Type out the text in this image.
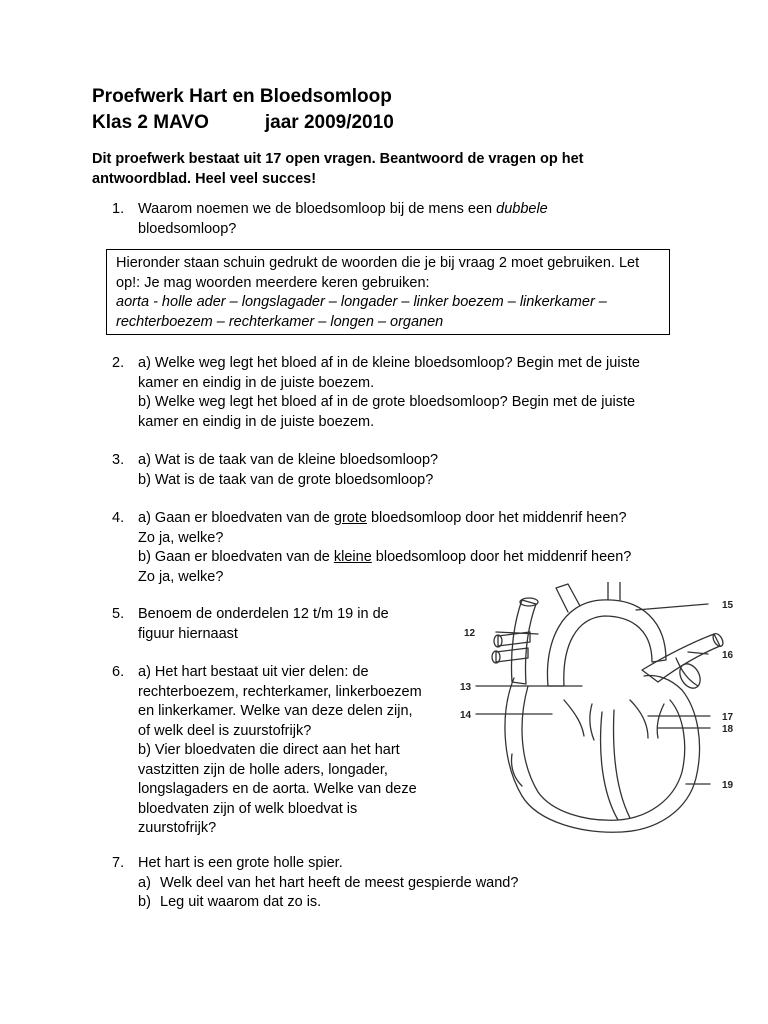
Proefwerk Hart en Bloedsomloop
Klas 2 MAVO	jaar 2009/2010
Dit proefwerk bestaat uit 17 open vragen. Beantwoord de vragen op het
antwoordblad. Heel veel succes!
1. Waarom noemen we de bloedsomloop bij de mens een dubbele

bloedsomloop?

Hieronder staan schuin gedrukt de woorden die je bij vraag 2 moet gebruiken. Let

op!: Je mag woorden meerdere keren gebruiken:

aorta - holle ader – longslagader – longader – linker boezem – linkerkamer –

rechterboezem – rechterkamer – longen – organen

2. a) Welke weg legt het bloed af in de kleine bloedsomloop? Begin met de juiste

kamer en eindig in de juiste boezem.

b) Welke weg legt het bloed af in de grote bloedsomloop? Begin met de juiste

kamer en eindig in de juiste boezem.

3. a) Wat is de taak van de kleine bloedsomloop?

b) Wat is de taak van de grote bloedsomloop?

4. a) Gaan er bloedvaten van de grote bloedsomloop door het middenrif heen?

Zo ja, welke?

b) Gaan er bloedvaten van de kleine bloedsomloop door het middenrif heen?

Zo ja, welke?

5. Benoem de onderdelen 12 t/m 19 in de

figuur hiernaast

6. a) Het hart bestaat uit vier delen: de

rechterboezem, rechterkamer, linkerboezem

en linkerkamer. Welke van deze delen zijn,

of welk deel is zuurstofrijk?

b) Vier bloedvaten die direct aan het hart

vastzitten zijn de holle aders, longader,

longslagaders en de aorta. Welke van deze

bloedvaten zijn of welk bloedvat is

zuurstofrijk?

7. Het hart is een grote holle spier.

a) Welk deel van het hart heeft de meest gespierde wand?
b) Leg uit waarom dat zo is.
12
13
14
15
16
17
18
19
